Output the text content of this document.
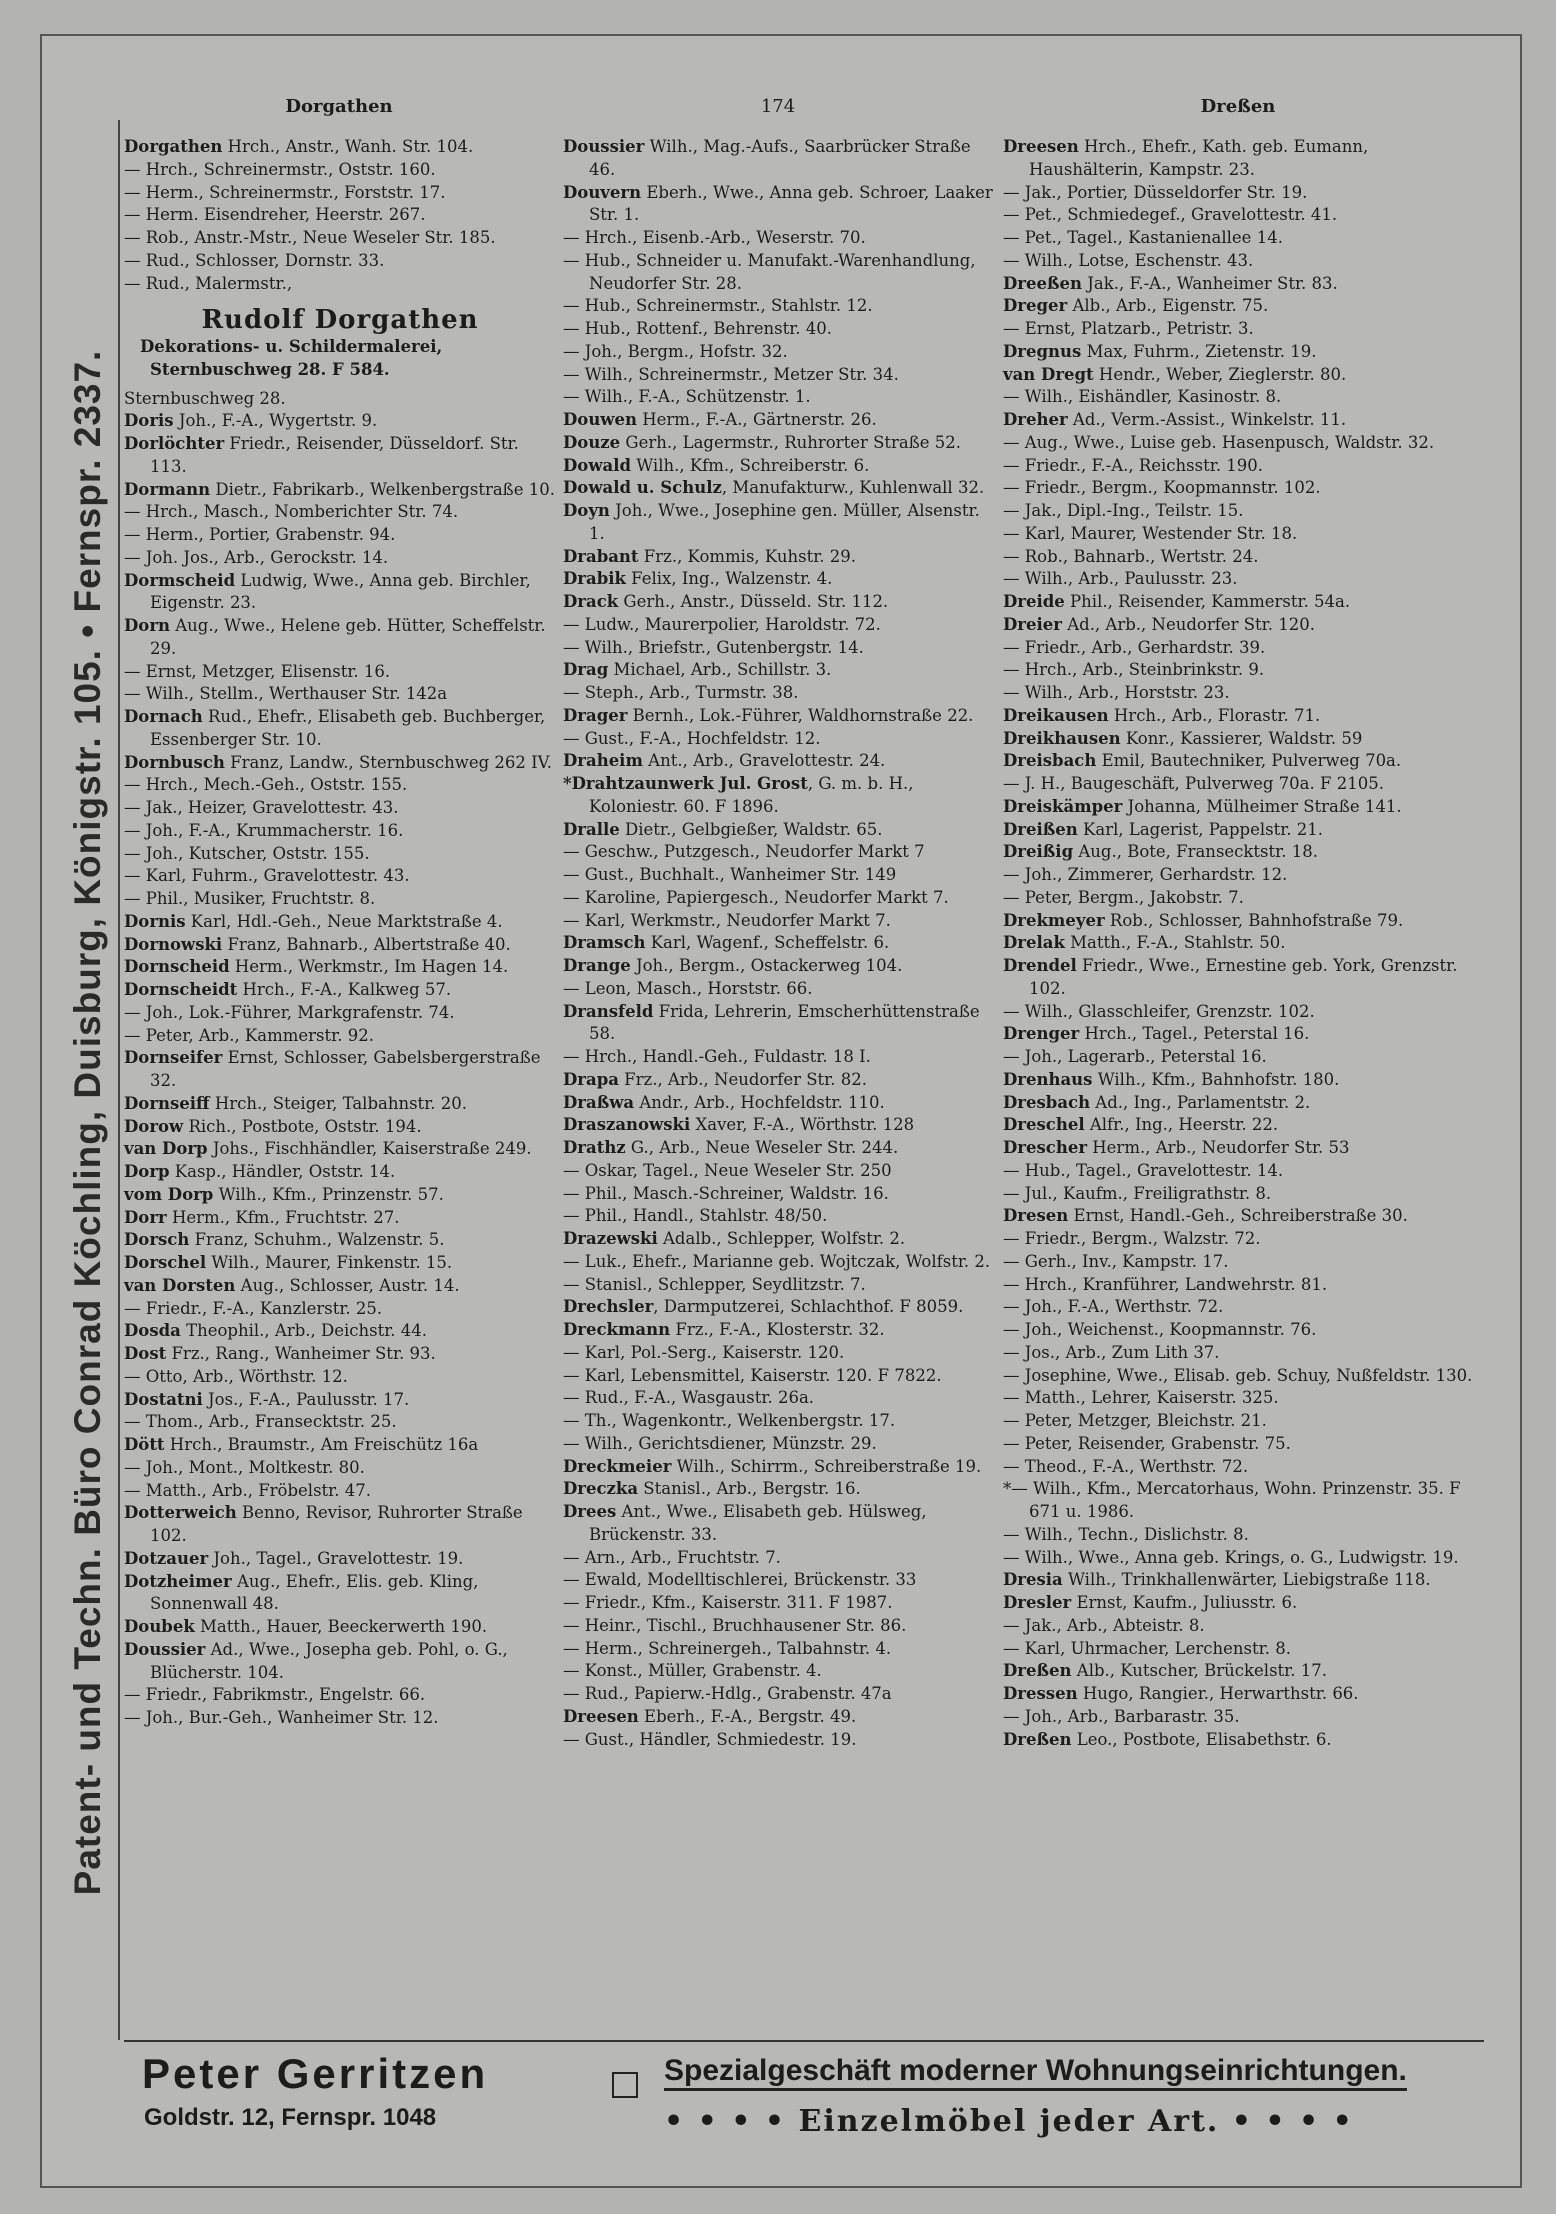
Patent- und Techn. Büro Conrad Köchling, Duisburg, Königstr. 105. • Fernspr. 2337.
Dorgathen	174	Dreßen
Dorgathen Hrch., Anstr., Wanh. Str. 104.
— Hrch., Schreinermstr., Oststr. 160.
— Herm., Schreinermstr., Forststr. 17.
— Herm. Eisendreher, Heerstr. 267.
— Rob., Anstr.-Mstr., Neue Weseler Str. 185.
— Rud., Schlosser, Dornstr. 33.
— Rud., Malermstr.,
Rudolf Dorgathen
Dekorations- u. Schildermalerei, Sternbuschweg 28. F 584.
Sternbuschweg 28.
Doris Joh., F.-A., Wygertstr. 9.
Dorlöchter Friedr., Reisender, Düsseldorf. Str. 113.
Dormann Dietr., Fabrikarb., Welkenbergstraße 10.
— Hrch., Masch., Nomberichter Str. 74.
— Herm., Portier, Grabenstr. 94.
— Joh. Jos., Arb., Gerockstr. 14.
Dormscheid Ludwig, Wwe., Anna geb. Birchler, Eigenstr. 23.
Dorn Aug., Wwe., Helene geb. Hütter, Scheffelstr. 29.
— Ernst, Metzger, Elisenstr. 16.
— Wilh., Stellm., Werthauser Str. 142a
Dornach Rud., Ehefr., Elisabeth geb. Buchberger, Essenberger Str. 10.
Dornbusch Franz, Landw., Sternbuschweg 262 IV.
— Hrch., Mech.-Geh., Oststr. 155.
— Jak., Heizer, Gravelottestr. 43.
— Joh., F.-A., Krummacherstr. 16.
— Joh., Kutscher, Oststr. 155.
— Karl, Fuhrm., Gravelottestr. 43.
— Phil., Musiker, Fruchtstr. 8.
Dornis Karl, Hdl.-Geh., Neue Marktstraße 4.
Dornowski Franz, Bahnarb., Albertstraße 40.
Dornscheid Herm., Werkmstr., Im Hagen 14.
Dornscheidt Hrch., F.-A., Kalkweg 57.
— Joh., Lok.-Führer, Markgrafenstr. 74.
— Peter, Arb., Kammerstr. 92.
Dornseifer Ernst, Schlosser, Gabelsbergerstraße 32.
Dornseiff Hrch., Steiger, Talbahnstr. 20.
Dorow Rich., Postbote, Oststr. 194.
van Dorp Johs., Fischhändler, Kaiserstraße 249.
Dorp Kasp., Händler, Oststr. 14.
vom Dorp Wilh., Kfm., Prinzenstr. 57.
Dorr Herm., Kfm., Fruchtstr. 27.
Dorsch Franz, Schuhm., Walzenstr. 5.
Dorschel Wilh., Maurer, Finkenstr. 15.
van Dorsten Aug., Schlosser, Austr. 14.
— Friedr., F.-A., Kanzlerstr. 25.
Dosda Theophil., Arb., Deichstr. 44.
Dost Frz., Rang., Wanheimer Str. 93.
— Otto, Arb., Wörthstr. 12.
Dostatni Jos., F.-A., Paulusstr. 17.
— Thom., Arb., Fransecktstr. 25.
Dött Hrch., Braumstr., Am Freischütz 16a
— Joh., Mont., Moltkestr. 80.
— Matth., Arb., Fröbelstr. 47.
Dotterweich Benno, Revisor, Ruhrorter Straße 102.
Dotzauer Joh., Tagel., Gravelottestr. 19.
Dotzheimer Aug., Ehefr., Elis. geb. Kling, Sonnenwall 48.
Doubek Matth., Hauer, Beeckerwerth 190.
Doussier Ad., Wwe., Josepha geb. Pohl, o. G., Blücherstr. 104.
— Friedr., Fabrikmstr., Engelstr. 66.
— Joh., Bur.-Geh., Wanheimer Str. 12.
Doussier Wilh., Mag.-Aufs., Saarbrücker Straße 46.
Douvern Eberh., Wwe., Anna geb. Schroer, Laaker Str. 1.
— Hrch., Eisenb.-Arb., Weserstr. 70.
— Hub., Schneider u. Manufakt.-Warenhandlung, Neudorfer Str. 28.
— Hub., Schreinermstr., Stahlstr. 12.
— Hub., Rottenf., Behrenstr. 40.
— Joh., Bergm., Hofstr. 32.
— Wilh., Schreinermstr., Metzer Str. 34.
— Wilh., F.-A., Schützenstr. 1.
Douwen Herm., F.-A., Gärtnerstr. 26.
Douze Gerh., Lagermstr., Ruhrorter Straße 52.
Dowald Wilh., Kfm., Schreiberstr. 6.
Dowald u. Schulz, Manufakturw., Kuhlenwall 32.
Doyn Joh., Wwe., Josephine gen. Müller, Alsenstr. 1.
Drabant Frz., Kommis, Kuhstr. 29.
Drabik Felix, Ing., Walzenstr. 4.
Drack Gerh., Anstr., Düsseld. Str. 112.
— Ludw., Maurerpolier, Haroldstr. 72.
— Wilh., Briefstr., Gutenbergstr. 14.
Drag Michael, Arb., Schillstr. 3.
— Steph., Arb., Turmstr. 38.
Drager Bernh., Lok.-Führer, Waldhornstraße 22.
— Gust., F.-A., Hochfeldstr. 12.
Draheim Ant., Arb., Gravelottestr. 24.
*Drahtzaunwerk Jul. Grost, G. m. b. H., Koloniestr. 60. F 1896.
Dralle Dietr., Gelbgießer, Waldstr. 65.
— Geschw., Putzgesch., Neudorfer Markt 7
— Gust., Buchhalt., Wanheimer Str. 149
— Karoline, Papiergesch., Neudorfer Markt 7.
— Karl, Werkmstr., Neudorfer Markt 7.
Dramsch Karl, Wagenf., Scheffelstr. 6.
Drange Joh., Bergm., Ostackerweg 104.
— Leon, Masch., Horststr. 66.
Dransfeld Frida, Lehrerin, Emscherhüttenstraße 58.
— Hrch., Handl.-Geh., Fuldastr. 18 I.
Drapa Frz., Arb., Neudorfer Str. 82.
Draßwa Andr., Arb., Hochfeldstr. 110.
Draszanowski Xaver, F.-A., Wörthstr. 128
Drathz G., Arb., Neue Weseler Str. 244.
— Oskar, Tagel., Neue Weseler Str. 250
— Phil., Masch.-Schreiner, Waldstr. 16.
— Phil., Handl., Stahlstr. 48/50.
Drazewski Adalb., Schlepper, Wolfstr. 2.
— Luk., Ehefr., Marianne geb. Wojtczak, Wolfstr. 2.
— Stanisl., Schlepper, Seydlitzstr. 7.
Drechsler, Darmputzerei, Schlachthof. F 8059.
Dreckmann Frz., F.-A., Klosterstr. 32.
— Karl, Pol.-Serg., Kaiserstr. 120.
— Karl, Lebensmittel, Kaiserstr. 120. F 7822.
— Rud., F.-A., Wasgaustr. 26a.
— Th., Wagenkontr., Welkenbergstr. 17.
— Wilh., Gerichtsdiener, Münzstr. 29.
Dreckmeier Wilh., Schirrm., Schreiberstraße 19.
Dreczka Stanisl., Arb., Bergstr. 16.
Drees Ant., Wwe., Elisabeth geb. Hülsweg, Brückenstr. 33.
— Arn., Arb., Fruchtstr. 7.
— Ewald, Modelltischlerei, Brückenstr. 33
— Friedr., Kfm., Kaiserstr. 311. F 1987.
— Heinr., Tischl., Bruchhausener Str. 86.
— Herm., Schreinergeh., Talbahnstr. 4.
— Konst., Müller, Grabenstr. 4.
— Rud., Papierw.-Hdlg., Grabenstr. 47a
Dreesen Eberh., F.-A., Bergstr. 49.
— Gust., Händler, Schmiedestr. 19.
Dreesen Hrch., Ehefr., Kath. geb. Eumann, Haushälterin, Kampstr. 23.
— Jak., Portier, Düsseldorfer Str. 19.
— Pet., Schmiedegef., Gravelottestr. 41.
— Pet., Tagel., Kastanienallee 14.
— Wilh., Lotse, Eschenstr. 43.
Dreeßen Jak., F.-A., Wanheimer Str. 83.
Dreger Alb., Arb., Eigenstr. 75.
— Ernst, Platzarb., Petristr. 3.
Dregnus Max, Fuhrm., Zietenstr. 19.
van Dregt Hendr., Weber, Zieglerstr. 80.
— Wilh., Eishändler, Kasinostr. 8.
Dreher Ad., Verm.-Assist., Winkelstr. 11.
— Aug., Wwe., Luise geb. Hasenpusch, Waldstr. 32.
— Friedr., F.-A., Reichsstr. 190.
— Friedr., Bergm., Koopmannstr. 102.
— Jak., Dipl.-Ing., Teilstr. 15.
— Karl, Maurer, Westender Str. 18.
— Rob., Bahnarb., Wertstr. 24.
— Wilh., Arb., Paulusstr. 23.
Dreide Phil., Reisender, Kammerstr. 54a.
Dreier Ad., Arb., Neudorfer Str. 120.
— Friedr., Arb., Gerhardstr. 39.
— Hrch., Arb., Steinbrinkstr. 9.
— Wilh., Arb., Horststr. 23.
Dreikausen Hrch., Arb., Florastr. 71.
Dreikhausen Konr., Kassierer, Waldstr. 59
Dreisbach Emil, Bautechniker, Pulverweg 70a.
— J. H., Baugeschäft, Pulverweg 70a. F 2105.
Dreiskämper Johanna, Mülheimer Straße 141.
Dreißen Karl, Lagerist, Pappelstr. 21.
Dreißig Aug., Bote, Fransecktstr. 18.
— Joh., Zimmerer, Gerhardstr. 12.
— Peter, Bergm., Jakobstr. 7.
Drekmeyer Rob., Schlosser, Bahnhofstraße 79.
Drelak Matth., F.-A., Stahlstr. 50.
Drendel Friedr., Wwe., Ernestine geb. York, Grenzstr. 102.
— Wilh., Glasschleifer, Grenzstr. 102.
Drenger Hrch., Tagel., Peterstal 16.
— Joh., Lagerarb., Peterstal 16.
Drenhaus Wilh., Kfm., Bahnhofstr. 180.
Dresbach Ad., Ing., Parlamentstr. 2.
Dreschel Alfr., Ing., Heerstr. 22.
Drescher Herm., Arb., Neudorfer Str. 53
— Hub., Tagel., Gravelottestr. 14.
— Jul., Kaufm., Freiligrathstr. 8.
Dresen Ernst, Handl.-Geh., Schreiberstraße 30.
— Friedr., Bergm., Walzstr. 72.
— Gerh., Inv., Kampstr. 17.
— Hrch., Kranführer, Landwehrstr. 81.
— Joh., F.-A., Werthstr. 72.
— Joh., Weichenst., Koopmannstr. 76.
— Jos., Arb., Zum Lith 37.
— Josephine, Wwe., Elisab. geb. Schuy, Nußfeldstr. 130.
— Matth., Lehrer, Kaiserstr. 325.
— Peter, Metzger, Bleichstr. 21.
— Peter, Reisender, Grabenstr. 75.
— Theod., F.-A., Werthstr. 72.
*— Wilh., Kfm., Mercatorhaus, Wohn. Prinzenstr. 35. F 671 u. 1986.
— Wilh., Techn., Dislichstr. 8.
— Wilh., Wwe., Anna geb. Krings, o. G., Ludwigstr. 19.
Dresia Wilh., Trinkhallenwärter, Liebigstraße 118.
Dresler Ernst, Kaufm., Juliusstr. 6.
— Jak., Arb., Abteistr. 8.
— Karl, Uhrmacher, Lerchenstr. 8.
Dreßen Alb., Kutscher, Brückelstr. 17.
Dressen Hugo, Rangier., Herwarthstr. 66.
— Joh., Arb., Barbarastr. 35.
Dreßen Leo., Postbote, Elisabethstr. 6.
Peter Gerritzen
Goldstr. 12, Fernspr. 1048
Spezialgeschäft moderner Wohnungseinrichtungen.
• • • • Einzelmöbel jeder Art. • • • •
